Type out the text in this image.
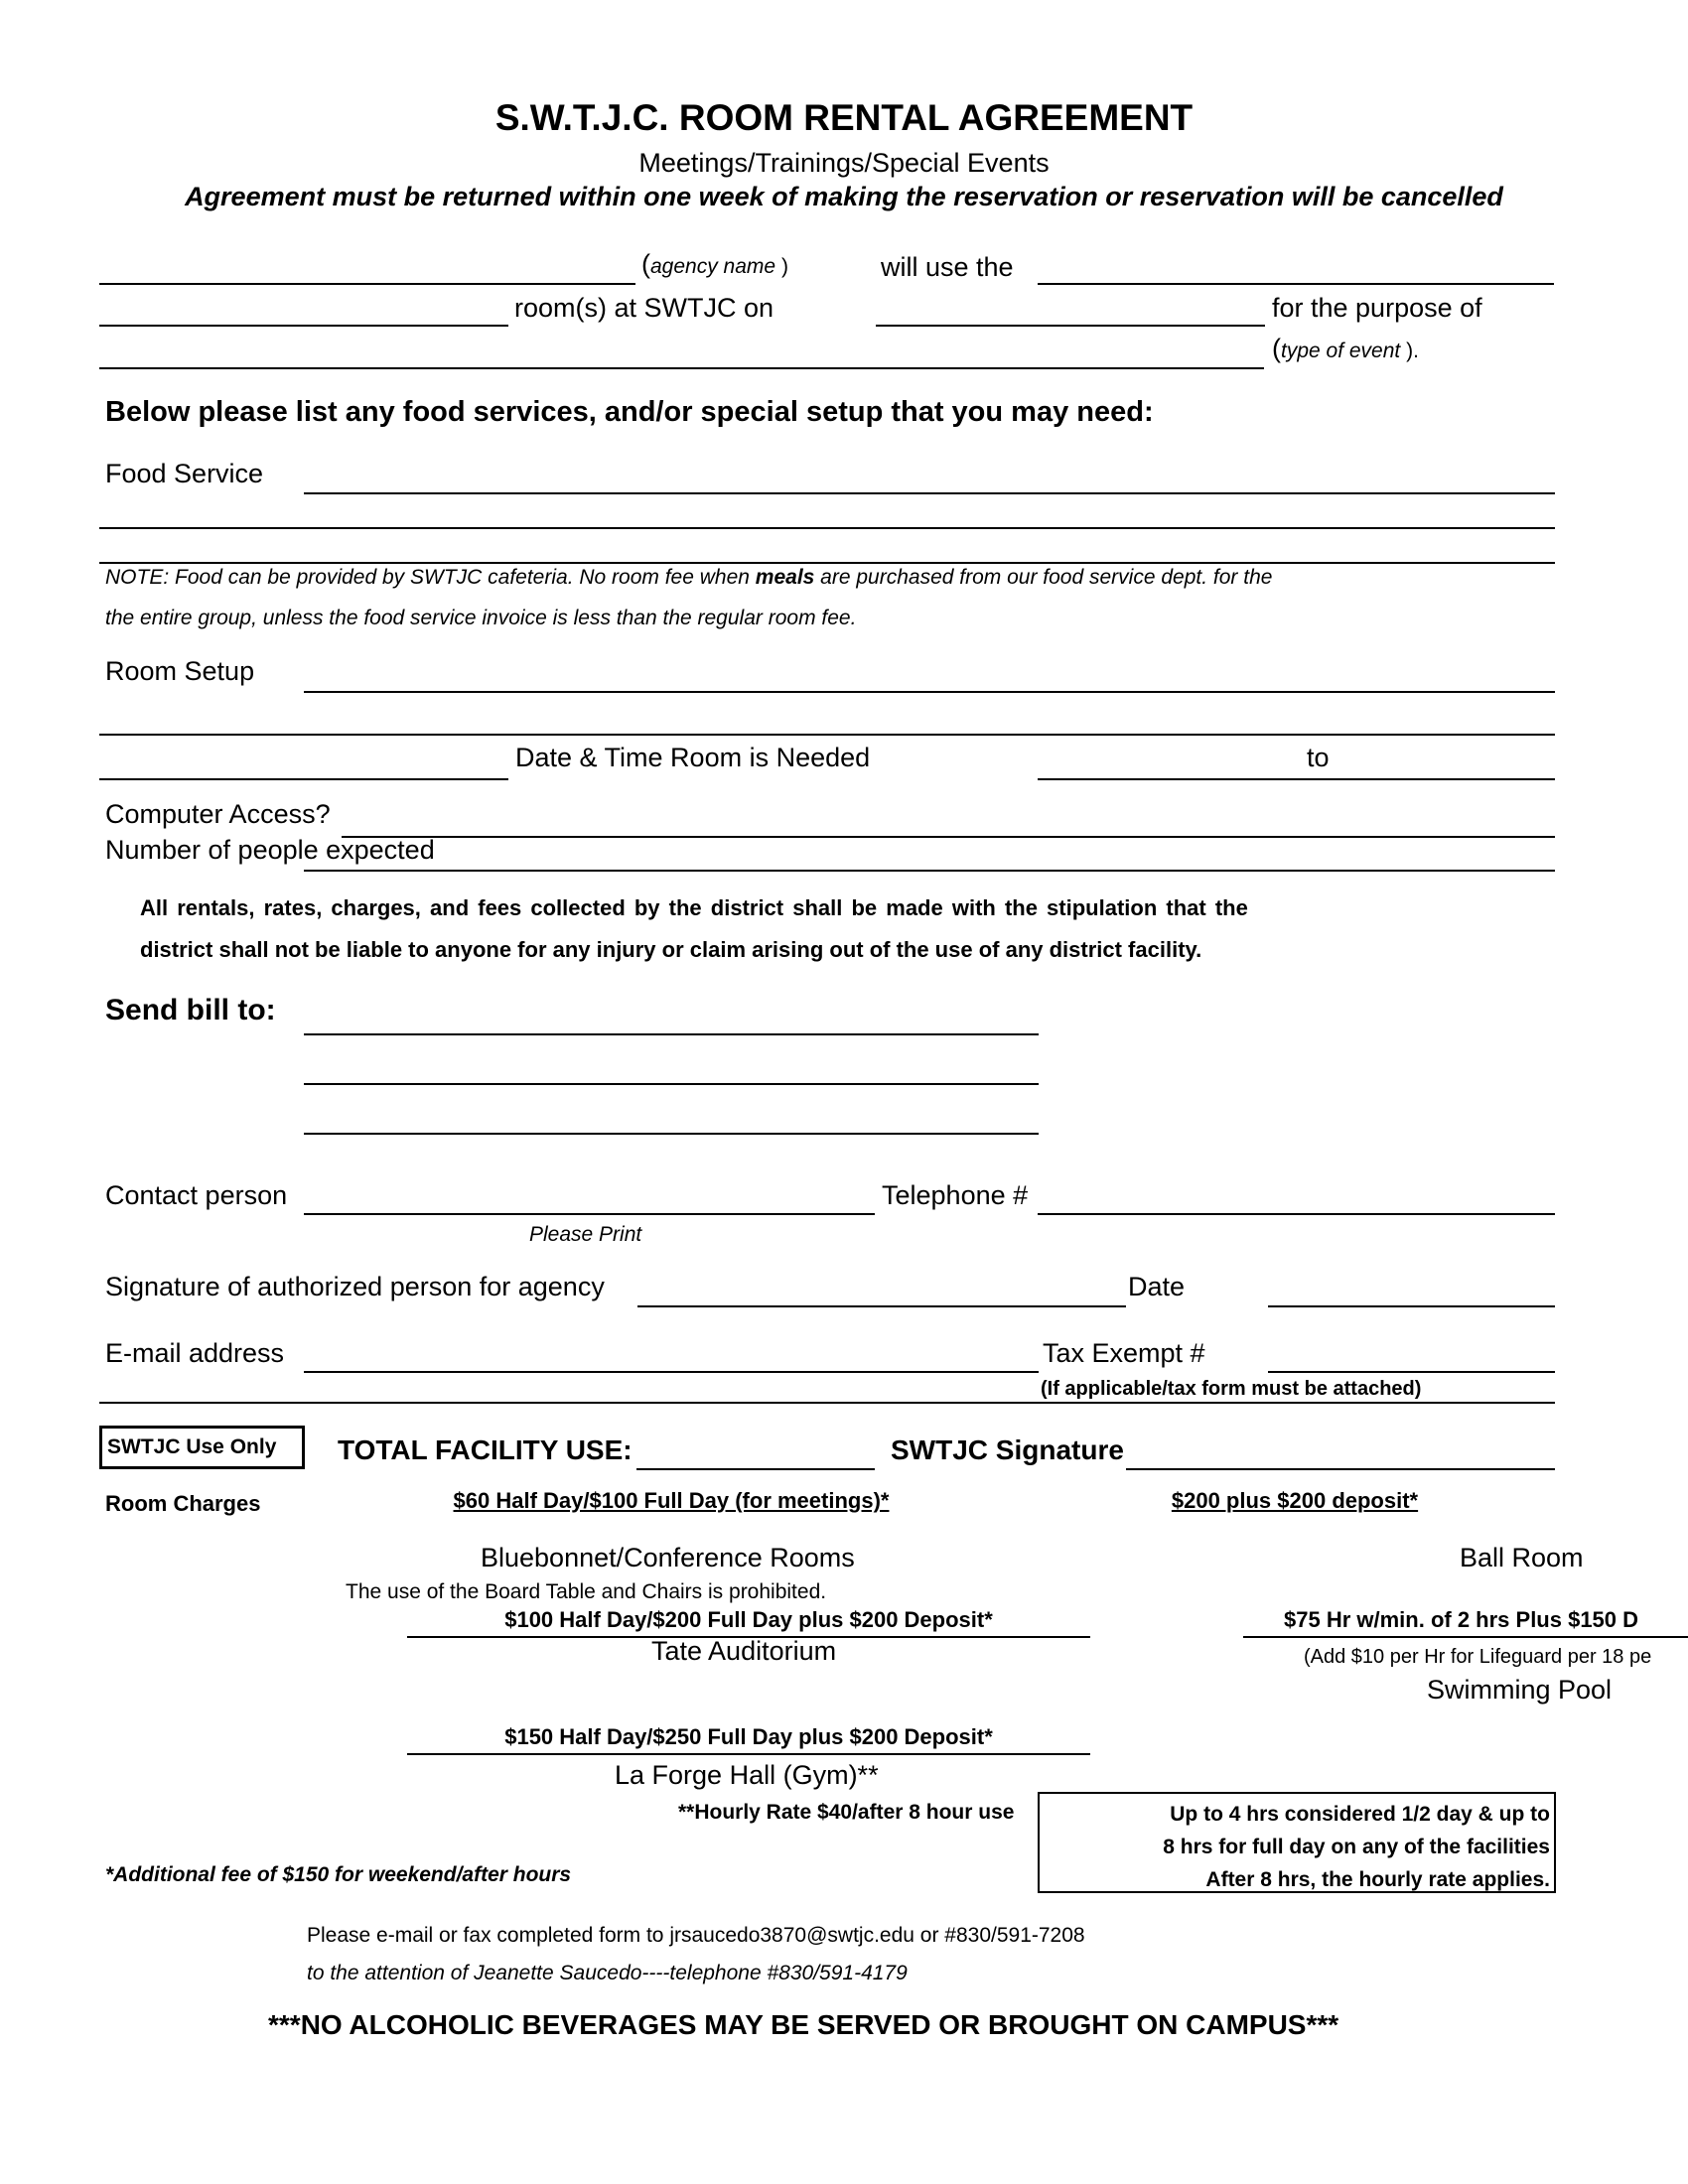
S.W.T.J.C. ROOM RENTAL AGREEMENT
Meetings/Trainings/Special Events
Agreement must be returned within one week of making the reservation or reservation will be cancelled
(agency name )	will use the
room(s) at SWTJC on	for the purpose of
(type of event ).
Below please list any food services, and/or special setup that you may need:
Food Service
NOTE: Food can be provided by SWTJC cafeteria. No room fee when meals are purchased from our food service dept. for the
the entire group, unless the food service invoice is less than the regular room fee.
Room Setup
Date & Time Room is Needed	to
Computer Access?
Number of people expected
All rentals, rates, charges, and fees collected by the district shall be made with the stipulation that the
district shall not be liable to anyone for any injury or claim arising out of the use of any district facility.
Send bill to:
Contact person	Telephone #
Please Print
Signature of authorized person for agency	Date
E-mail address	Tax Exempt #
(If applicable/tax form must be attached)
SWTJC Use Only TOTAL FACILITY USE:	SWTJC Signature
Room Charges	$60 Half Day/$100 Full Day (for meetings)*	$200 plus $200 deposit*
Bluebonnet/Conference Rooms	Ball Room
The use of the Board Table and Chairs is prohibited.
$100 Half Day/$200 Full Day plus $200 Deposit*	$75 Hr w/min. of 2 hrs Plus $150 D
Tate Auditorium	(Add $10 per Hr for Lifeguard per 18 pe
Swimming Pool
$150 Half Day/$250 Full Day plus $200 Deposit*
La Forge Hall (Gym)**
**Hourly Rate $40/after 8 hour use	Up to 4 hrs considered 1/2 day & up to
8 hrs for full day on any of the facilities
After 8 hrs, the hourly rate applies.
*Additional fee of $150 for weekend/after hours
Please e-mail or fax completed form to jrsaucedo3870@swtjc.edu or #830/591-7208
to the attention of Jeanette Saucedo----telephone #830/591-4179
***NO ALCOHOLIC BEVERAGES MAY BE SERVED OR BROUGHT ON CAMPUS***
